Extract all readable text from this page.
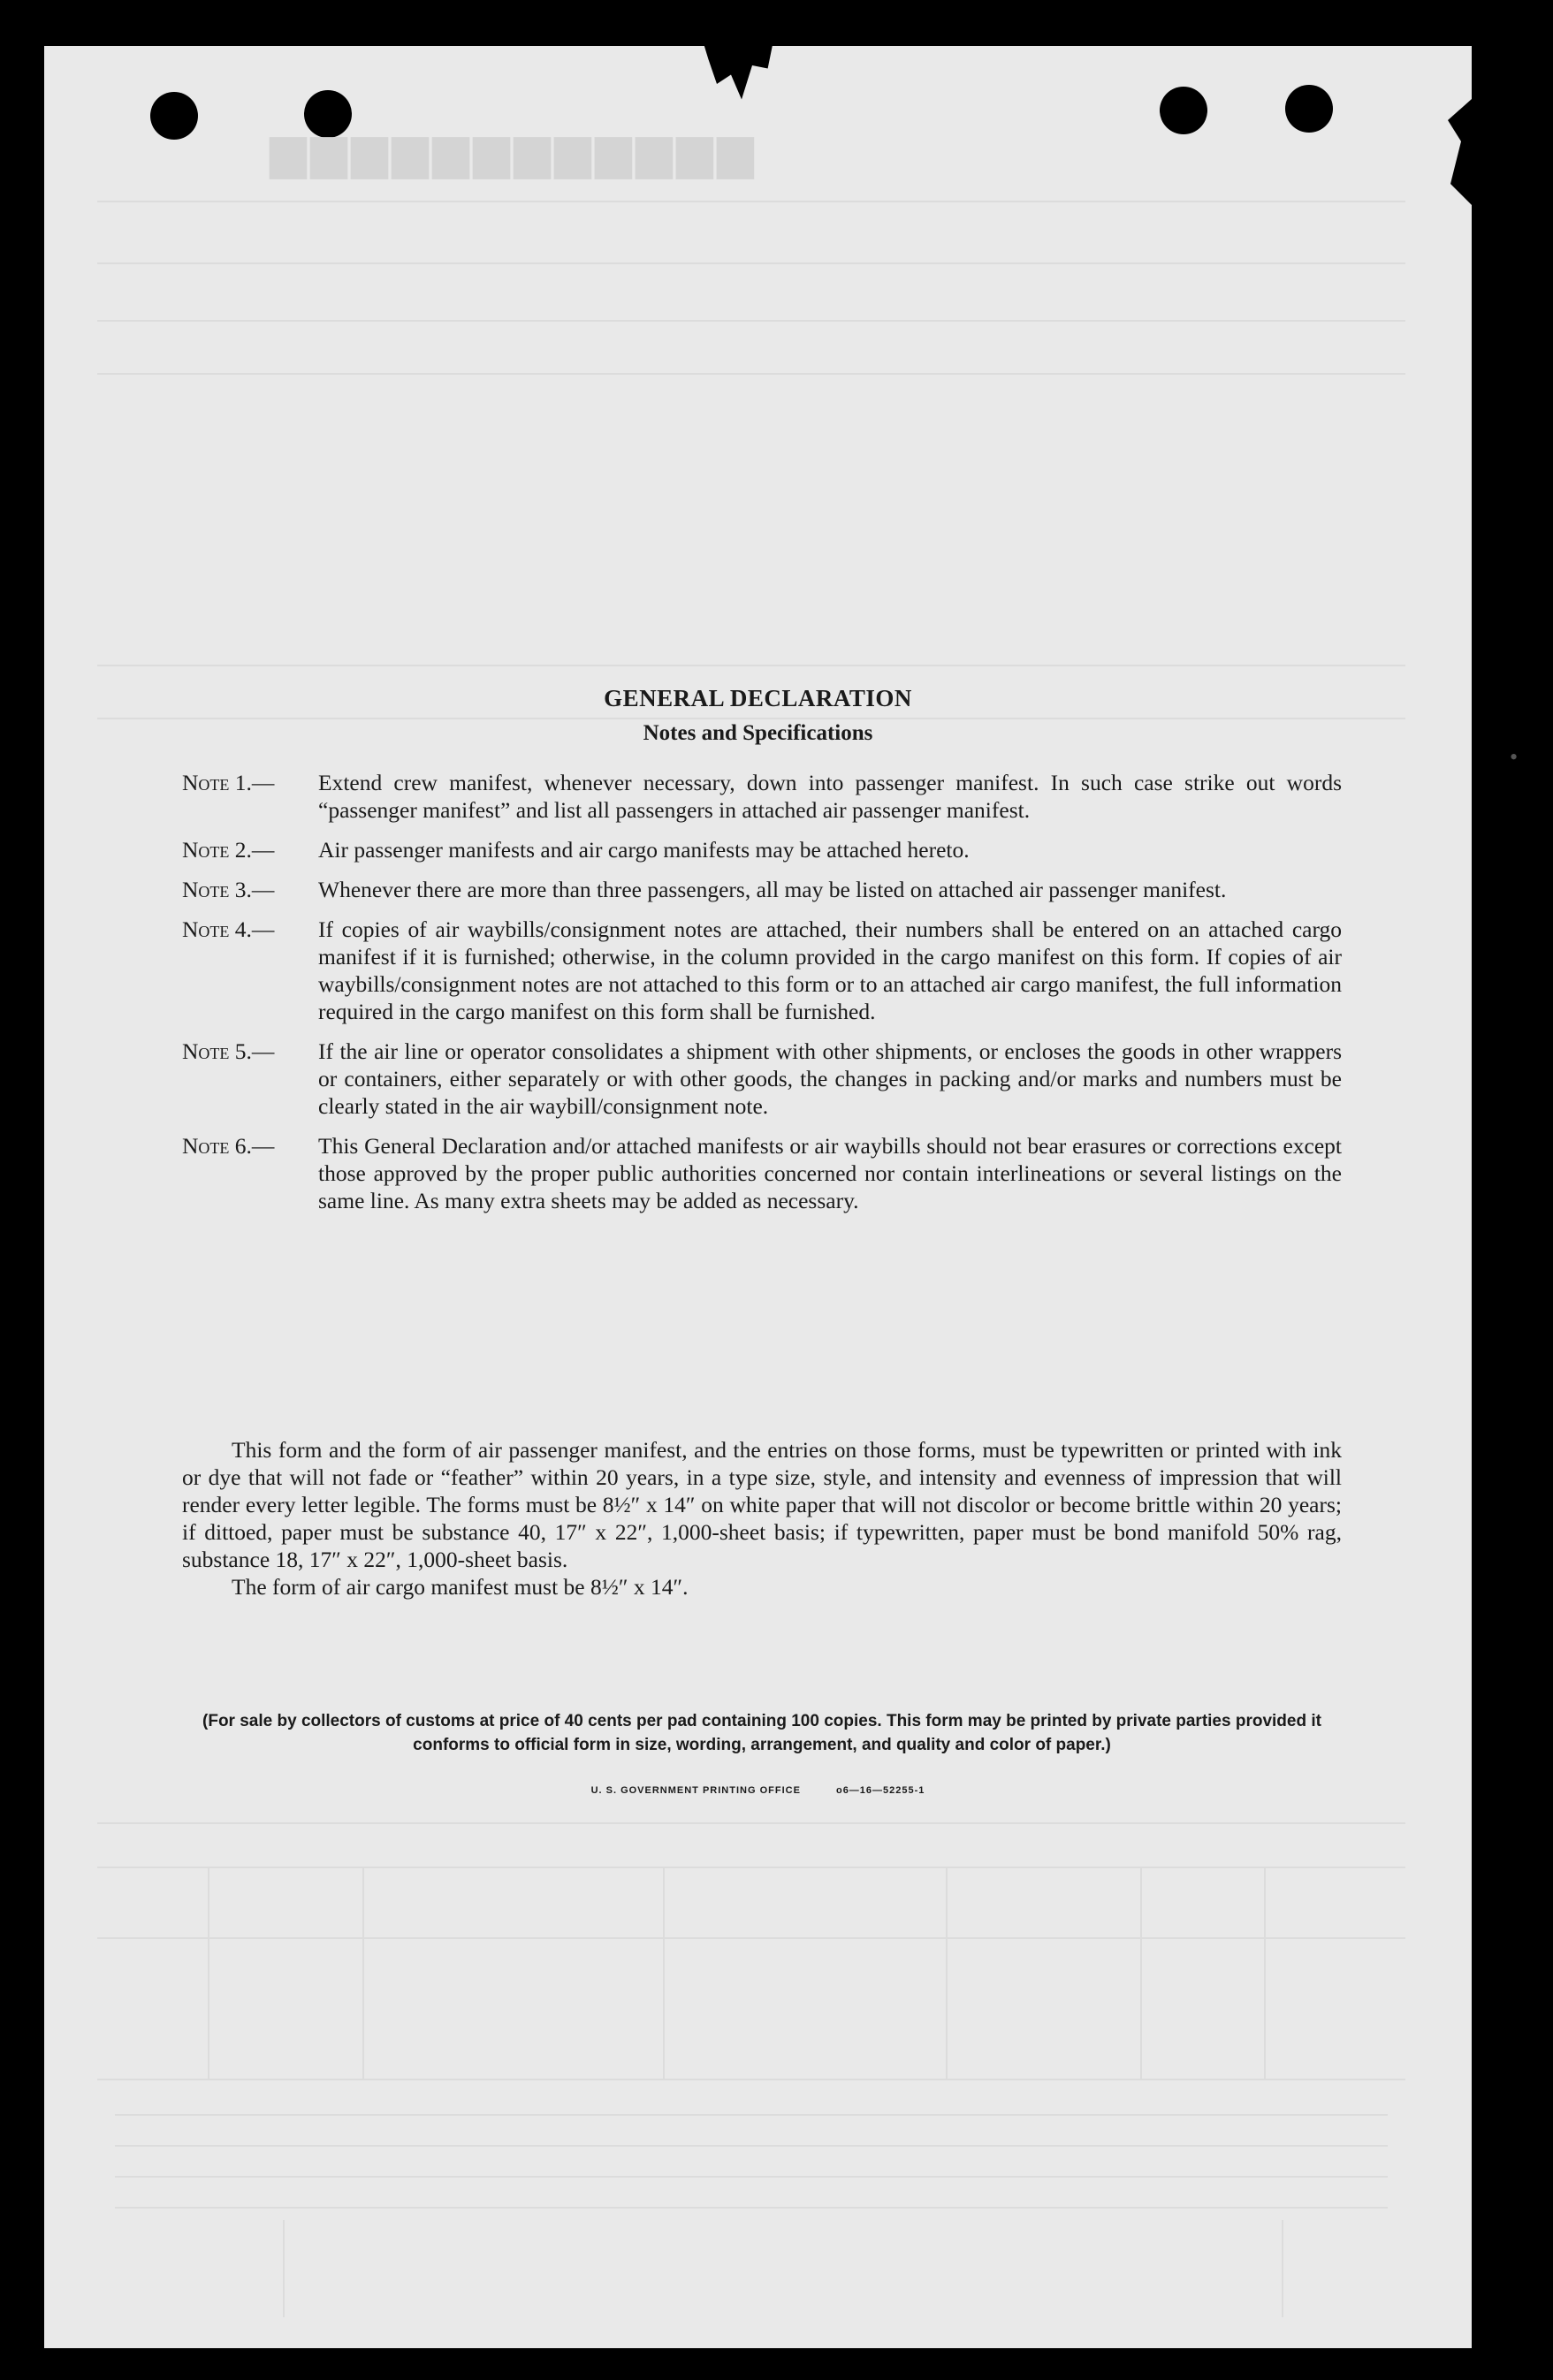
▆▆▆▆▆▆▆▆▆▆▆▆
GENERAL DECLARATION
Notes and Specifications
Note 1.—	Extend crew manifest, whenever necessary, down into passenger manifest. In such case strike out words “passenger manifest” and list all passengers in attached air passenger manifest.
Note 2.—	Air passenger manifests and air cargo manifests may be attached hereto.
Note 3.—	Whenever there are more than three passengers, all may be listed on attached air passenger manifest.
Note 4.—	If copies of air waybills/consignment notes are attached, their numbers shall be entered on an attached cargo manifest if it is furnished; otherwise, in the column provided in the cargo manifest on this form. If copies of air waybills/consignment notes are not attached to this form or to an attached air cargo manifest, the full information required in the cargo manifest on this form shall be furnished.
Note 5.—	If the air line or operator consolidates a shipment with other shipments, or encloses the goods in other wrappers or containers, either separately or with other goods, the changes in packing and/or marks and numbers must be clearly stated in the air waybill/consignment note.
Note 6.—	This General Declaration and/or attached manifests or air waybills should not bear erasures or corrections except those approved by the proper public authorities concerned nor contain interlineations or several listings on the same line. As many extra sheets may be added as necessary.

This form and the form of air passenger manifest, and the entries on those forms, must be typewritten or printed with ink or dye that will not fade or “feather” within 20 years, in a type size, style, and intensity and evenness of impression that will render every letter legible. The forms must be 8½″ x 14″ on white paper that will not discolor or become brittle within 20 years; if dittoed, paper must be substance 40, 17″ x 22″, 1,000-sheet basis; if typewritten, paper must be bond manifold 50% rag, substance 18, 17″ x 22″, 1,000-sheet basis.

The form of air cargo manifest must be 8½″ x 14″.

(For sale by collectors of customs at price of 40 cents per pad containing 100 copies. This form may be printed by private parties provided it conforms to official form in size, wording, arrangement, and quality and color of paper.)
U. S. GOVERNMENT PRINTING OFFICE	o6—16—52255-1
•
